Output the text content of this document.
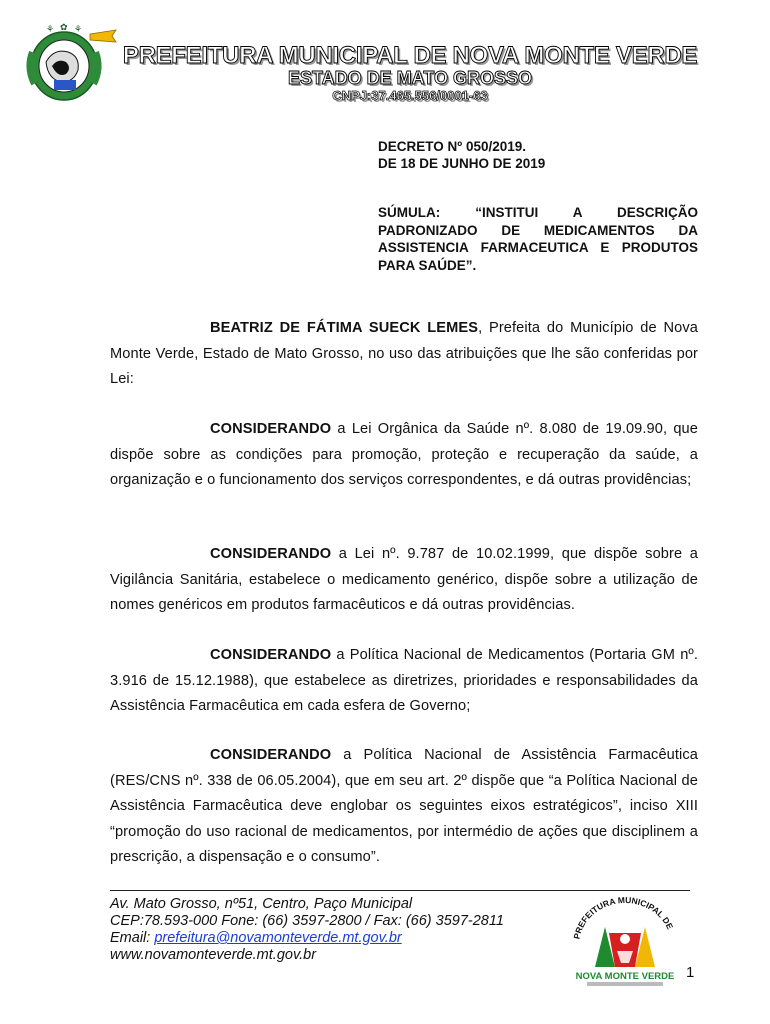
⚘ ✿ ⚘
PREFEITURA MUNICIPAL DE NOVA MONTE VERDE
ESTADO DE MATO GROSSO
CNPJ:37.465.556/0001-63
DECRETO Nº 050/2019.
DE 18 DE JUNHO DE 2019
SÚMULA: “INSTITUI A DESCRIÇÃO PADRONIZADO DE MEDICAMENTOS DA ASSISTENCIA FARMACEUTICA E PRODUTOS PARA SAÚDE”.
BEATRIZ DE FÁTIMA SUECK LEMES, Prefeita do Município de Nova Monte Verde, Estado de Mato Grosso, no uso das atribuições que lhe são conferidas por Lei:
CONSIDERANDO a Lei Orgânica da Saúde nº. 8.080 de 19.09.90, que dispõe sobre as condições para promoção, proteção e recuperação da saúde, a organização e o funcionamento dos serviços correspondentes, e dá outras providências;
CONSIDERANDO a Lei nº. 9.787 de 10.02.1999, que dispõe sobre a Vigilância Sanitária, estabelece o medicamento genérico, dispõe sobre a utilização de nomes genéricos em produtos farmacêuticos e dá outras providências.
CONSIDERANDO a Política Nacional de Medicamentos (Portaria GM nº. 3.916 de 15.12.1988), que estabelece as diretrizes, prioridades e responsabilidades da Assistência Farmacêutica em cada esfera de Governo;
CONSIDERANDO a Política Nacional de Assistência Farmacêutica (RES/CNS nº. 338 de 06.05.2004), que em seu art. 2º dispõe que “a Política Nacional de Assistência Farmacêutica deve englobar os seguintes eixos estratégicos”, inciso XIII “promoção do uso racional de medicamentos, por intermédio de ações que disciplinem a prescrição, a dispensação e o consumo”.
Av. Mato Grosso, nº51, Centro, Paço Municipal
CEP:78.593-000 Fone: (66) 3597-2800 / Fax: (66) 3597-2811
Email: prefeitura@novamonteverde.mt.gov.br
www.novamonteverde.mt.gov.br
PREFEITURA MUNICIPAL DE
NOVA MONTE VERDE 1
